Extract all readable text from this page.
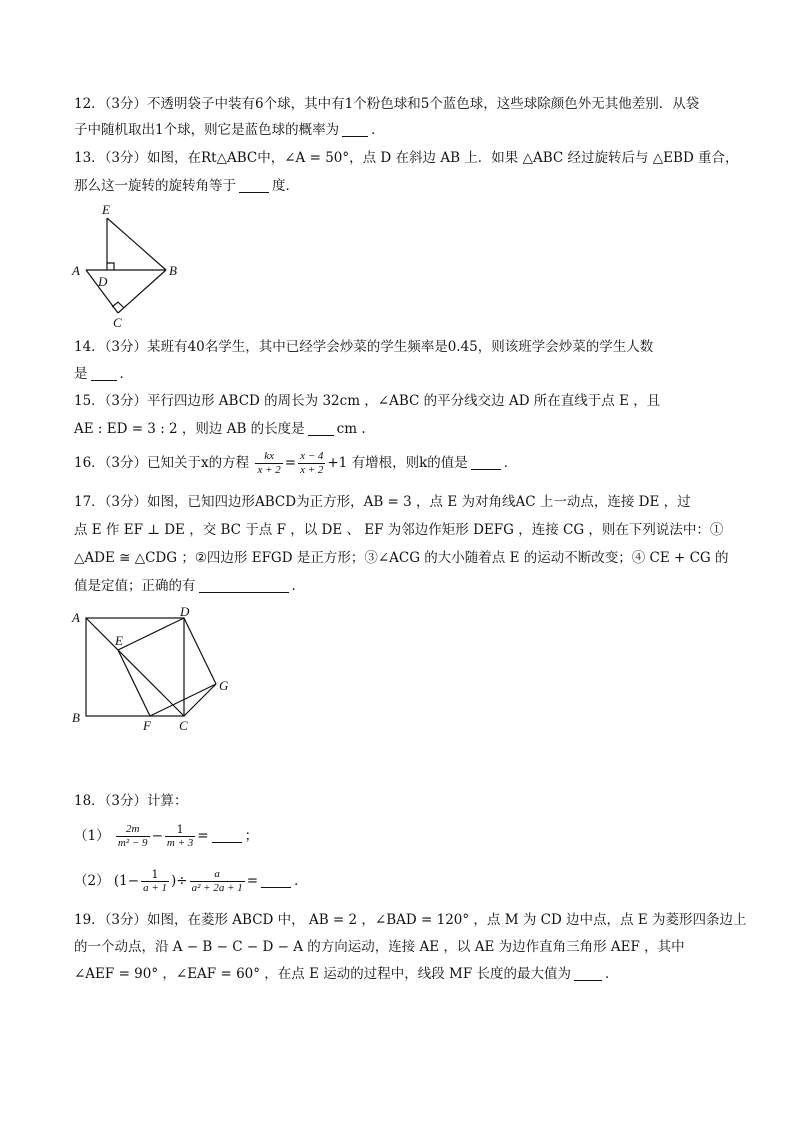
12．（3分）不透明袋子中装有6个球，其中有1个粉色球和5个蓝色球，这些球除颜色外无其他差别．从袋
子中随机取出1个球，则它是蓝色球的概率为 ．
13．（3分）如图，在Rt△ABC中，∠A = 50°，点 D 在斜边 AB 上．如果 △ABC 经过旋转后与 △EBD 重合，
那么这一旋转的旋转角等于	度．
E
A
D
B
C
14．（3分）某班有40名学生，其中已经学会炒菜的学生频率是0.45，则该班学会炒菜的学生人数
是 ．
15．（3分）平行四边形 ABCD 的周长为 32cm ，∠ABC 的平分线交边 AD 所在直线于点 E ，且
AE : ED = 3 : 2 ，则边 AB 的长度是 cm .
16．（3分）已知关于x的方程 $\frac{kx}{x + 2} = \frac{x - 4}{x + 2} +1$ 有增根，则k的值是	．
17．（3分）如图，已知四边形ABCD为正方形，AB = 3 ，点 E 为对角线AC 上一动点，连接 DE ，过
点 E 作 EF ⊥ DE ，交 BC 于点 F ，以 DE 、 EF 为邻边作矩形 DEFG ，连接 CG ，则在下列说法中：①
△ADE ≅ △CDG ；②四边形 EFGD 是正方形；③∠ACG 的大小随着点 E 的运动不断改变；④ CE + CG 的
值是定值；正确的有	．
A	D
E
G
B
F C
18．（3分）计算：
$(1) \frac{2m}{\text{m² − 9}} - \frac{1}{m + 3}$ =	；
（2） ($1- \frac{1}{a + 1}$ )÷ $\frac{a}{\text{a² + 2a + 1}}$ =	．
19．（3分）如图，在菱形 ABCD 中， AB = 2 ，∠BAD = 120° ，点 M 为 CD 边中点，点 E 为菱形四条边上
的一个动点，沿 A − B − C − D − A 的方向运动，连接 AE ，以 AE 为边作直角三角形 AEF ，其中
∠AEF = 90° ，∠EAF = 60° ，在点 E 运动的过程中，线段 MF 长度的最大值为	．
